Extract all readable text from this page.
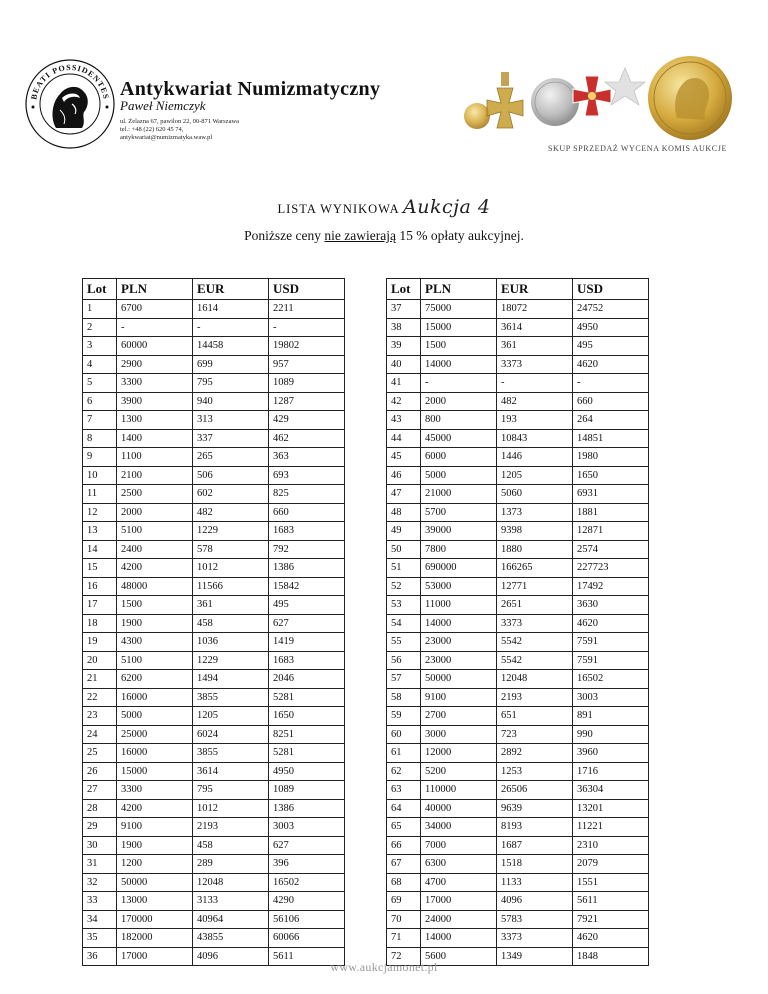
BEATI POSSIDENTES Antykwariat Numizmatyczny
Paweł Niemczyk
ul. Żelazna 67, pawilon 22, 00-871 Warszawa
tel.: +48 (22) 620 45 74,
antykwariat@numizmatyka.waw.pl
SKUP SPRZEDAŻ WYCENA KOMIS AUKCJE
LISTA WYNIKOWA Aukcja 4
Poniższe ceny nie zawierają 15 % opłaty aukcyjnej.
Lot	PLN	EUR	USD
1	6700	1614	2211
2	-	-	-
3	60000	14458	19802
4	2900	699	957
5	3300	795	1089
6	3900	940	1287
7	1300	313	429
8	1400	337	462
9	1100	265	363
10	2100	506	693
11	2500	602	825
12	2000	482	660
13	5100	1229	1683
14	2400	578	792
15	4200	1012	1386
16	48000	11566	15842
17	1500	361	495
18	1900	458	627
19	4300	1036	1419
20	5100	1229	1683
21	6200	1494	2046
22	16000	3855	5281
23	5000	1205	1650
24	25000	6024	8251
25	16000	3855	5281
26	15000	3614	4950
27	3300	795	1089
28	4200	1012	1386
29	9100	2193	3003
30	1900	458	627
31	1200	289	396
32	50000	12048	16502
33	13000	3133	4290
34	170000	40964	56106
35	182000	43855	60066
36	17000	4096	5611
Lot	PLN	EUR	USD
37	75000	18072	24752
38	15000	3614	4950
39	1500	361	495
40	14000	3373	4620
41	-	-	-
42	2000	482	660
43	800	193	264
44	45000	10843	14851
45	6000	1446	1980
46	5000	1205	1650
47	21000	5060	6931
48	5700	1373	1881
49	39000	9398	12871
50	7800	1880	2574
51	690000	166265	227723
52	53000	12771	17492
53	11000	2651	3630
54	14000	3373	4620
55	23000	5542	7591
56	23000	5542	7591
57	50000	12048	16502
58	9100	2193	3003
59	2700	651	891
60	3000	723	990
61	12000	2892	3960
62	5200	1253	1716
63	110000	26506	36304
64	40000	9639	13201
65	34000	8193	11221
66	7000	1687	2310
67	6300	1518	2079
68	4700	1133	1551
69	17000	4096	5611
70	24000	5783	7921
71	14000	3373	4620
72	5600	1349	1848
www.aukcjamonet.pl
